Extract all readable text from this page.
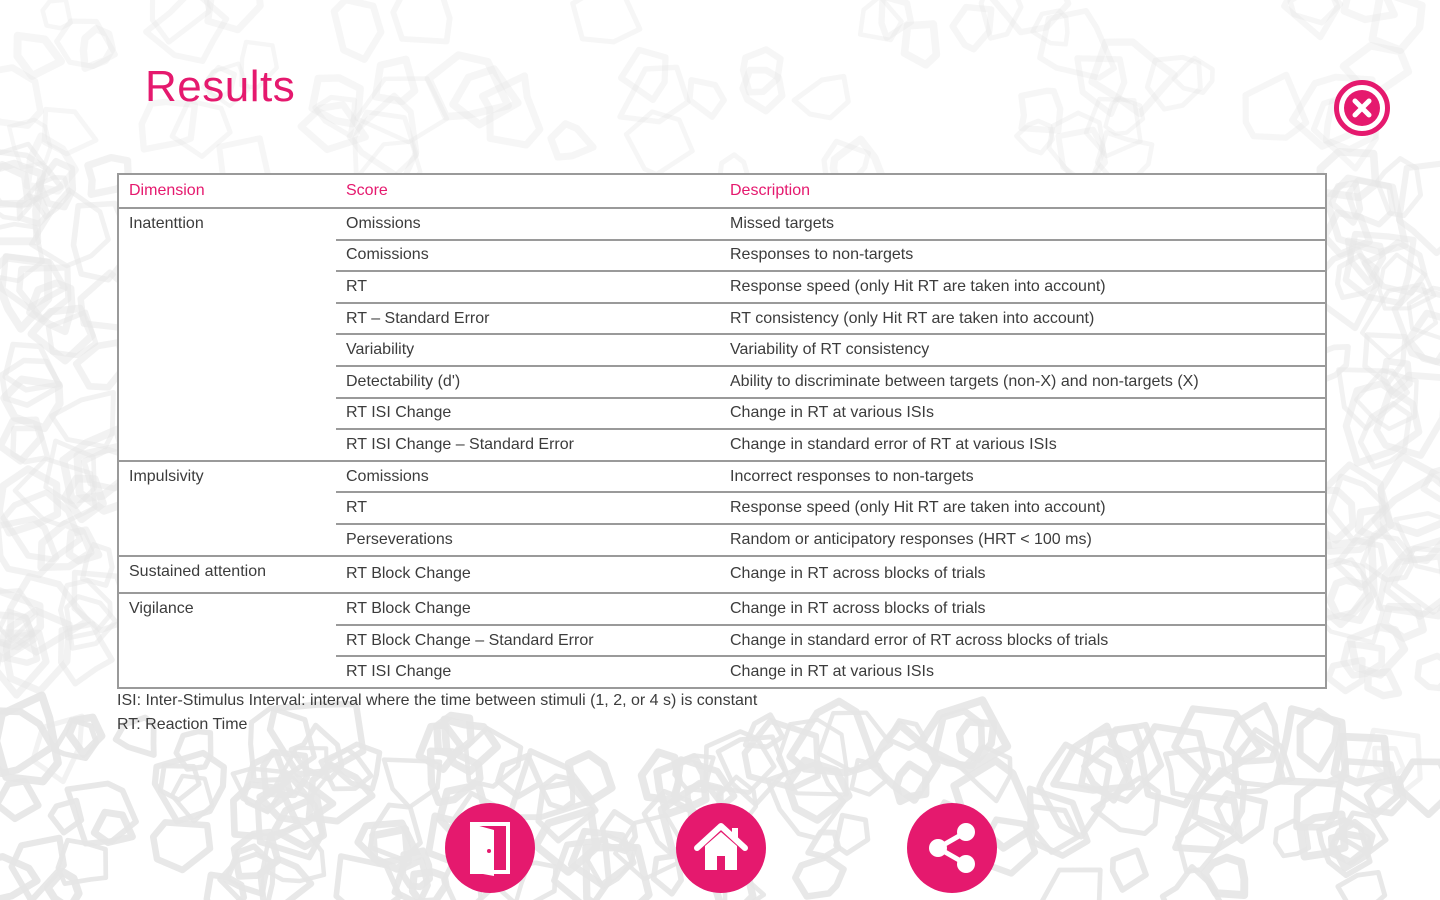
Results
Dimension	Score	Description
Inatenttion	Omissions	Missed targets
	Comissions	Responses to non-targets
	RT	Response speed (only Hit RT are taken into account)
	RT – Standard Error	RT consistency (only Hit RT are taken into account)
	Variability	Variability of RT consistency
	Detectability (d')	Ability to discriminate between targets (non-X) and non-targets (X)
	RT ISI Change	Change in RT at various ISIs
	RT ISI Change – Standard Error	Change in standard error of RT at various ISIs
Impulsivity	Comissions	Incorrect responses to non-targets
	RT	Response speed (only Hit RT are taken into account)
	Perseverations	Random or anticipatory responses (HRT < 100 ms)
Sustained attention	RT Block Change	Change in RT across blocks of trials
Vigilance	RT Block Change	Change in RT across blocks of trials
	RT Block Change – Standard Error	Change in standard error of RT across blocks of trials
	RT ISI Change	Change in RT at various ISIs
ISI: Inter-Stimulus Interval: interval where the time between stimuli (1, 2, or 4 s) is constant
RT: Reaction Time
